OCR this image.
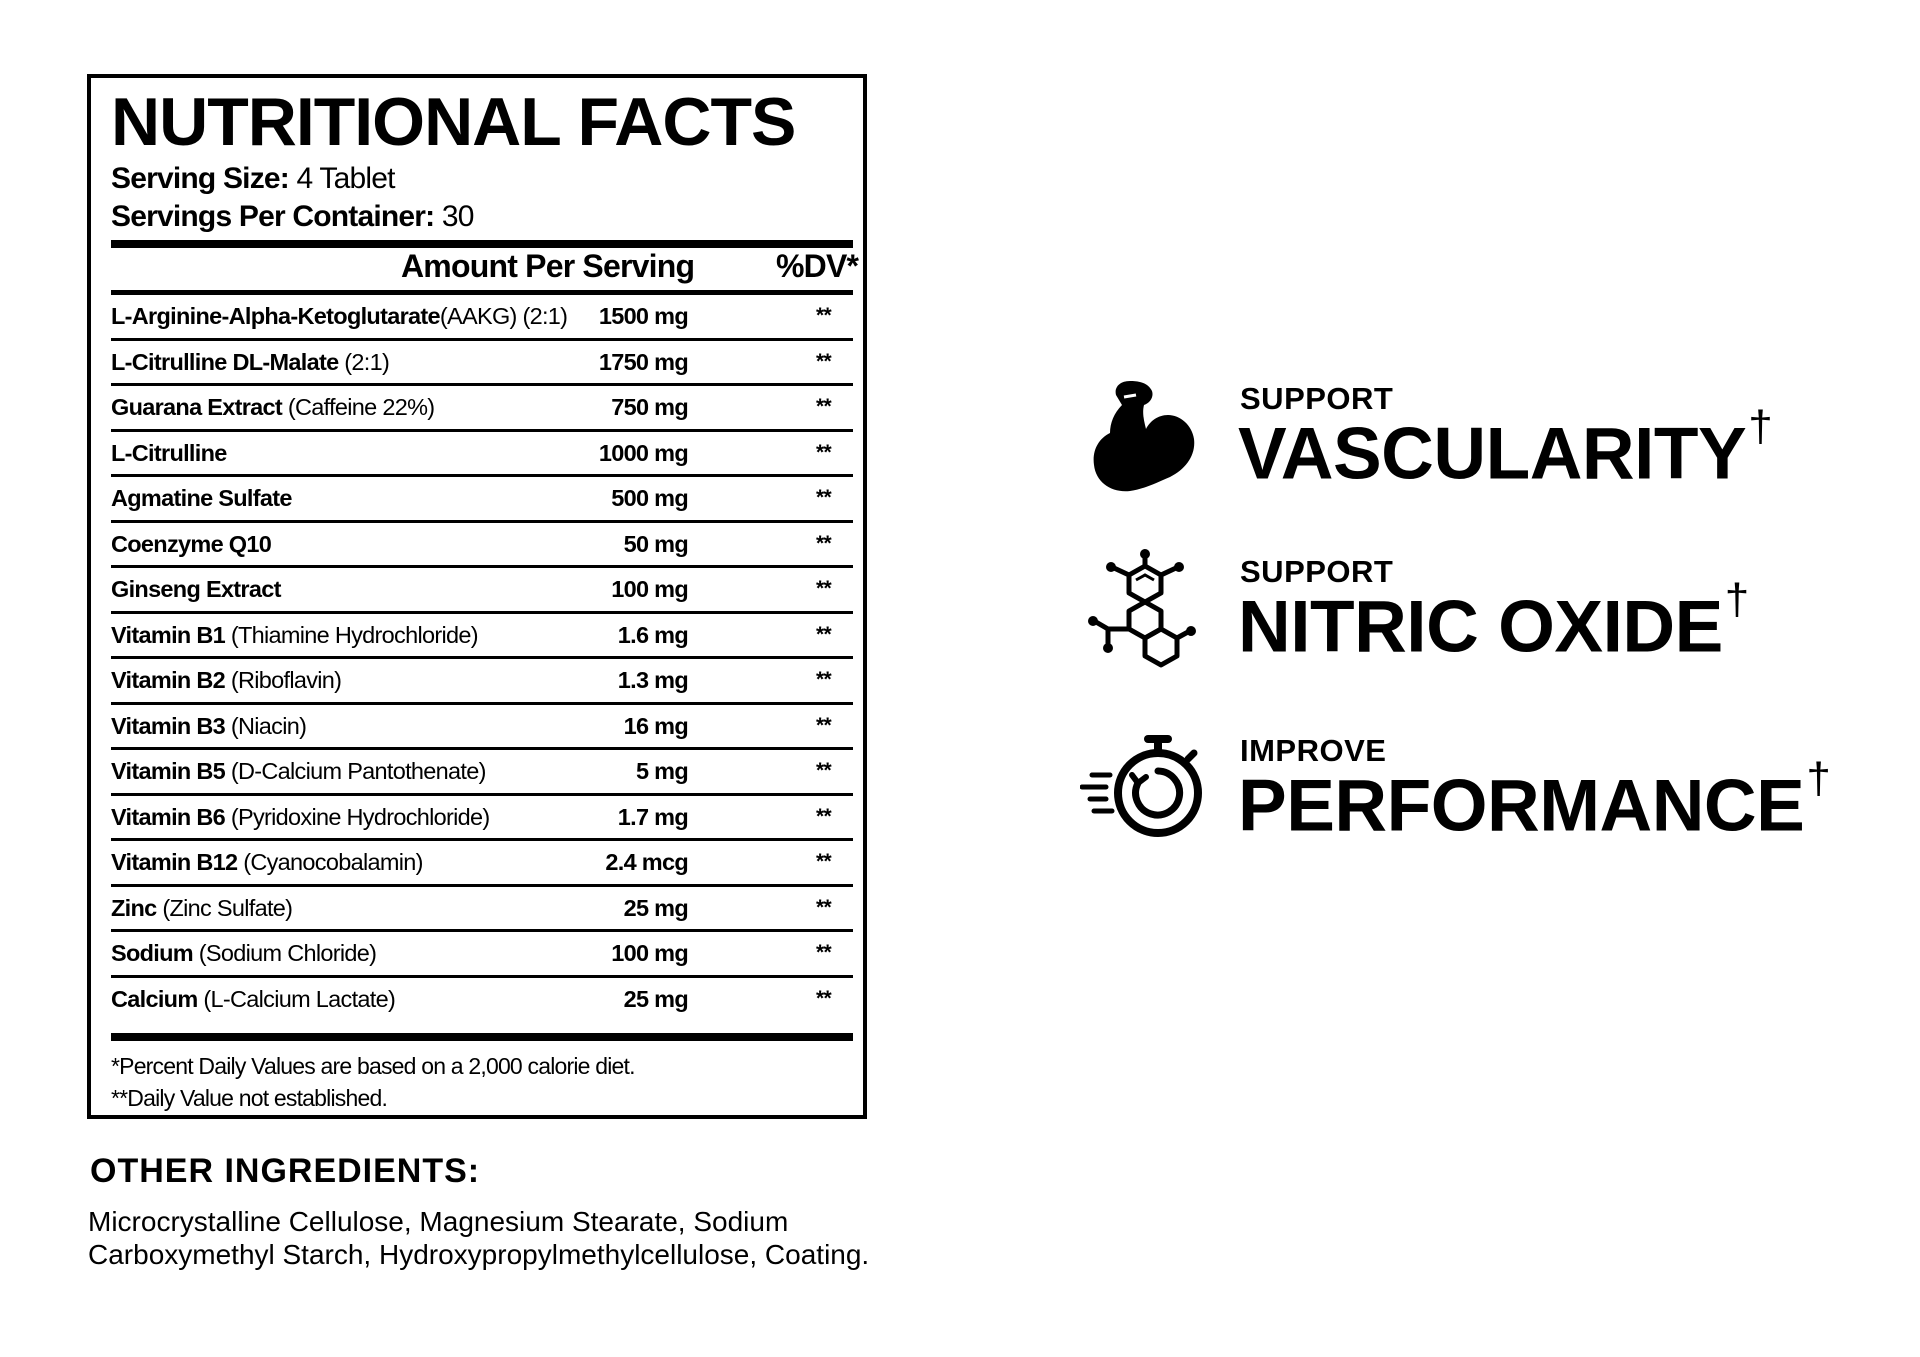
NUTRITIONAL FACTS
Serving Size: 4 Tablet
Servings Per Container: 30
Amount Per Serving	%DV*
L-Arginine-Alpha-Ketoglutarate(AAKG) (2:1) 1500 mg	**
L-Citrulline DL-Malate (2:1)	1750 mg	**
Guarana Extract (Caffeine 22%)	750 mg	**
L-Citrulline	1000 mg	**
Agmatine Sulfate	500 mg	**
Coenzyme Q10	50 mg	**
Ginseng Extract	100 mg	**
Vitamin B1 (Thiamine Hydrochloride)	1.6 mg	**
Vitamin B2 (Riboflavin)	1.3 mg	**
Vitamin B3 (Niacin)	16 mg	**
Vitamin B5 (D-Calcium Pantothenate)	5 mg	**
Vitamin B6 (Pyridoxine Hydrochloride)	1.7 mg	**
Vitamin B12 (Cyanocobalamin)	2.4 mcg	**
Zinc (Zinc Sulfate)	25 mg	**
Sodium (Sodium Chloride)	100 mg	**
Calcium (L-Calcium Lactate)	25 mg	**
*Percent Daily Values are based on a 2,000 calorie diet.
**Daily Value not established.
OTHER INGREDIENTS:
Microcrystalline Cellulose, Magnesium Stearate, Sodium Carboxymethyl Starch, Hydroxypropylmethylcellulose, Coating.
SUPPORT
VASCULARITY†
SUPPORT
NITRIC OXIDE†
IMPROVE
PERFORMANCE†
